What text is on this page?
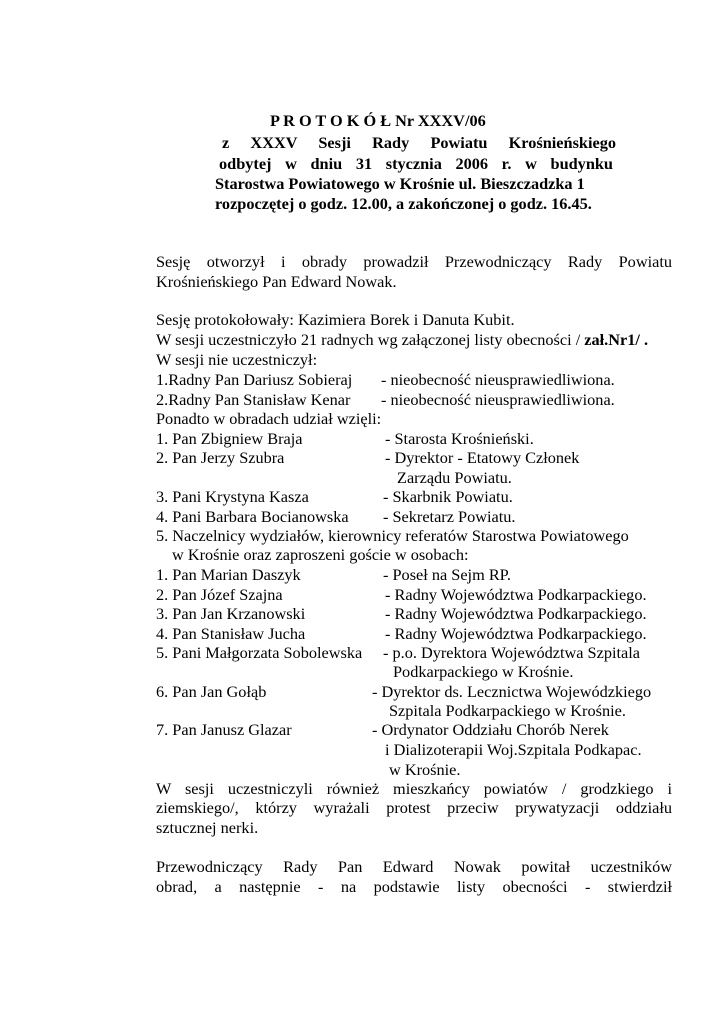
P R O T O K Ó Ł Nr XXXV/06
z XXXV Sesji Rady Powiatu Krośnieńskiego
odbytej w dniu 31 stycznia 2006 r. w budynku
Starostwa Powiatowego w Krośnie ul. Bieszczadzka 1
rozpoczętej o godz. 12.00, a zakończonej o godz. 16.45.
Sesję otworzył i obrady prowadził Przewodniczący Rady Powiatu
Krośnieńskiego Pan Edward Nowak.
Sesję protokołowały: Kazimiera Borek i Danuta Kubit.
W sesji uczestniczyło 21 radnych wg załączonej listy obecności / zał.Nr1/ .
W sesji nie uczestniczył:
1.Radny Pan Dariusz Sobieraj - nieobecność nieusprawiedliwiona.
2.Radny Pan Stanisław Kenar - nieobecność nieusprawiedliwiona.
Ponadto w obradach udział wzięli:
1. Pan Zbigniew Braja	- Starosta Krośnieński.
2. Pan Jerzy Szubra	- Dyrektor - Etatowy Członek
Zarządu Powiatu.
3. Pani Krystyna Kasza	- Skarbnik Powiatu.
4. Pani Barbara Bocianowska - Sekretarz Powiatu.
5. Naczelnicy wydziałów, kierownicy referatów Starostwa Powiatowego
w Krośnie oraz zaproszeni goście w osobach:
1. Pan Marian Daszyk	- Poseł na Sejm RP.
2. Pan Józef Szajna	- Radny Województwa Podkarpackiego.
3. Pan Jan Krzanowski	- Radny Województwa Podkarpackiego.
4. Pan Stanisław Jucha	- Radny Województwa Podkarpackiego.
5. Pani Małgorzata Sobolewska - p.o. Dyrektora Województwa Szpitala
Podkarpackiego w Krośnie.
6. Pan Jan Gołąb	- Dyrektor ds. Lecznictwa Wojewódzkiego
Szpitala Podkarpackiego w Krośnie.
7. Pan Janusz Glazar	- Ordynator Oddziału Chorób Nerek
i Dializoterapii Woj.Szpitala Podkapac.
w Krośnie.
W sesji uczestniczyli również mieszkańcy powiatów / grodzkiego i
ziemskiego/, którzy wyrażali protest przeciw prywatyzacji oddziału
sztucznej nerki.
Przewodniczący Rady Pan Edward Nowak powitał uczestników
obrad, a następnie - na podstawie listy obecności - stwierdził
